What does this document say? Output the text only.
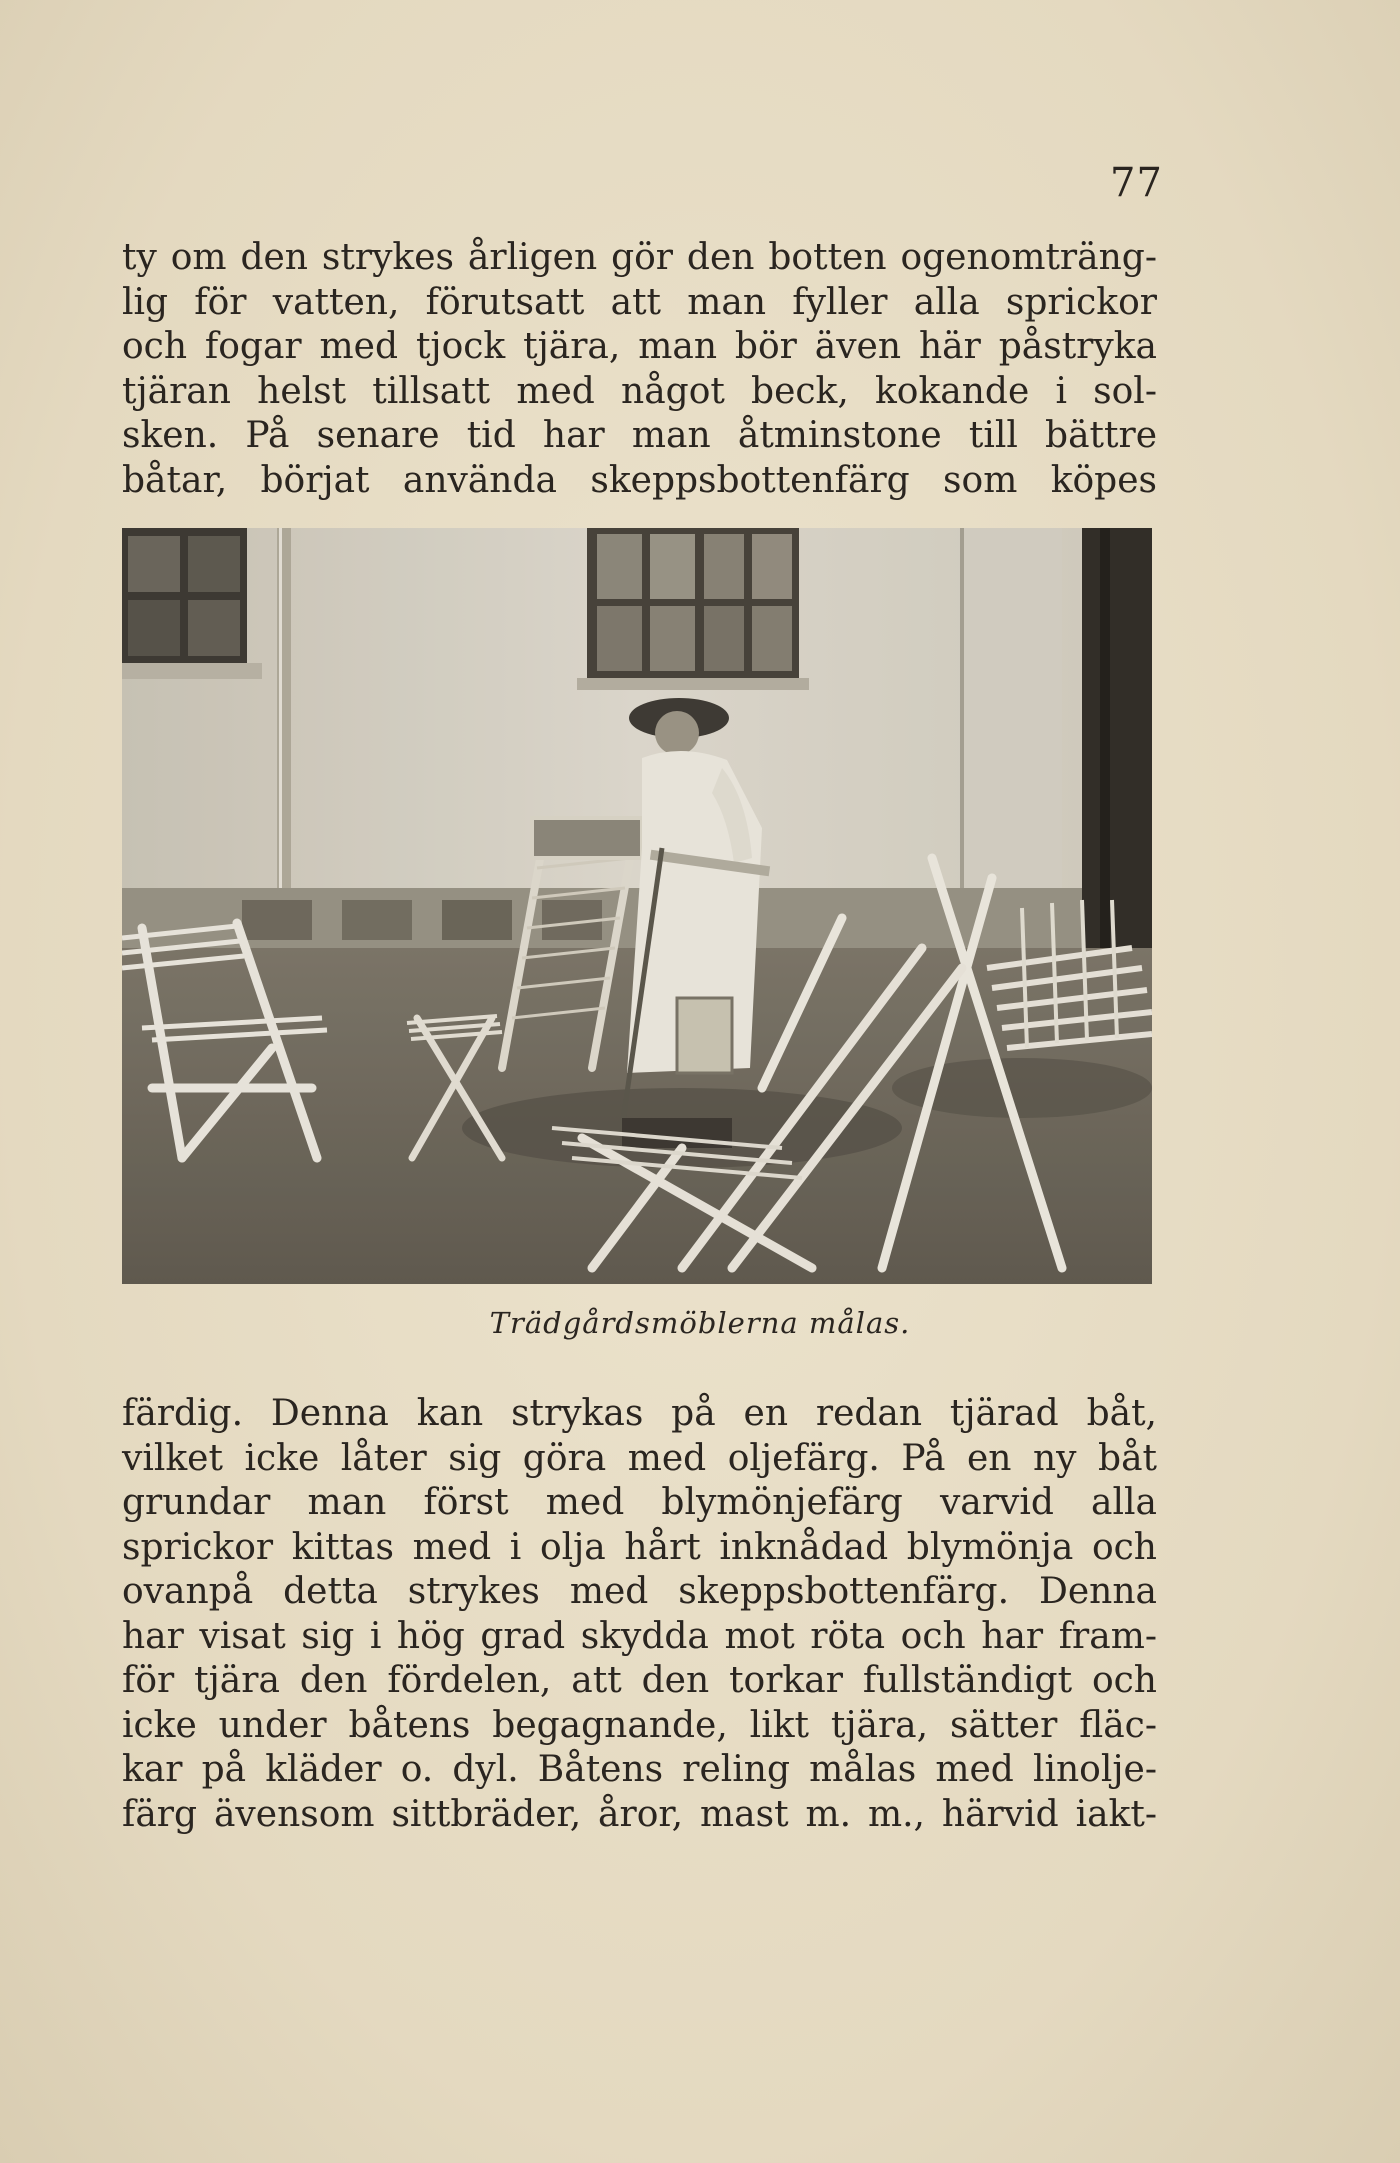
77
ty om den strykes årligen gör den botten ogenomträng-
lig för vatten, förutsatt att man fyller alla sprickor
och fogar med tjock tjära, man bör även här påstryka
tjäran helst tillsatt med något beck, kokande i sol-
sken. På senare tid har man åtminstone till bättre
båtar, börjat använda skeppsbottenfärg som köpes
Trädgårdsmöblerna målas.
färdig. Denna kan strykas på en redan tjärad båt,
vilket icke låter sig göra med oljefärg. På en ny båt
grundar man först med blymönjefärg varvid alla
sprickor kittas med i olja hårt inknådad blymönja och
ovanpå detta strykes med skeppsbottenfärg. Denna
har visat sig i hög grad skydda mot röta och har fram-
för tjära den fördelen, att den torkar fullständigt och
icke under båtens begagnande, likt tjära, sätter fläc-
kar på kläder o. dyl. Båtens reling målas med linolje-
färg ävensom sittbräder, åror, mast m. m., härvid iakt-
